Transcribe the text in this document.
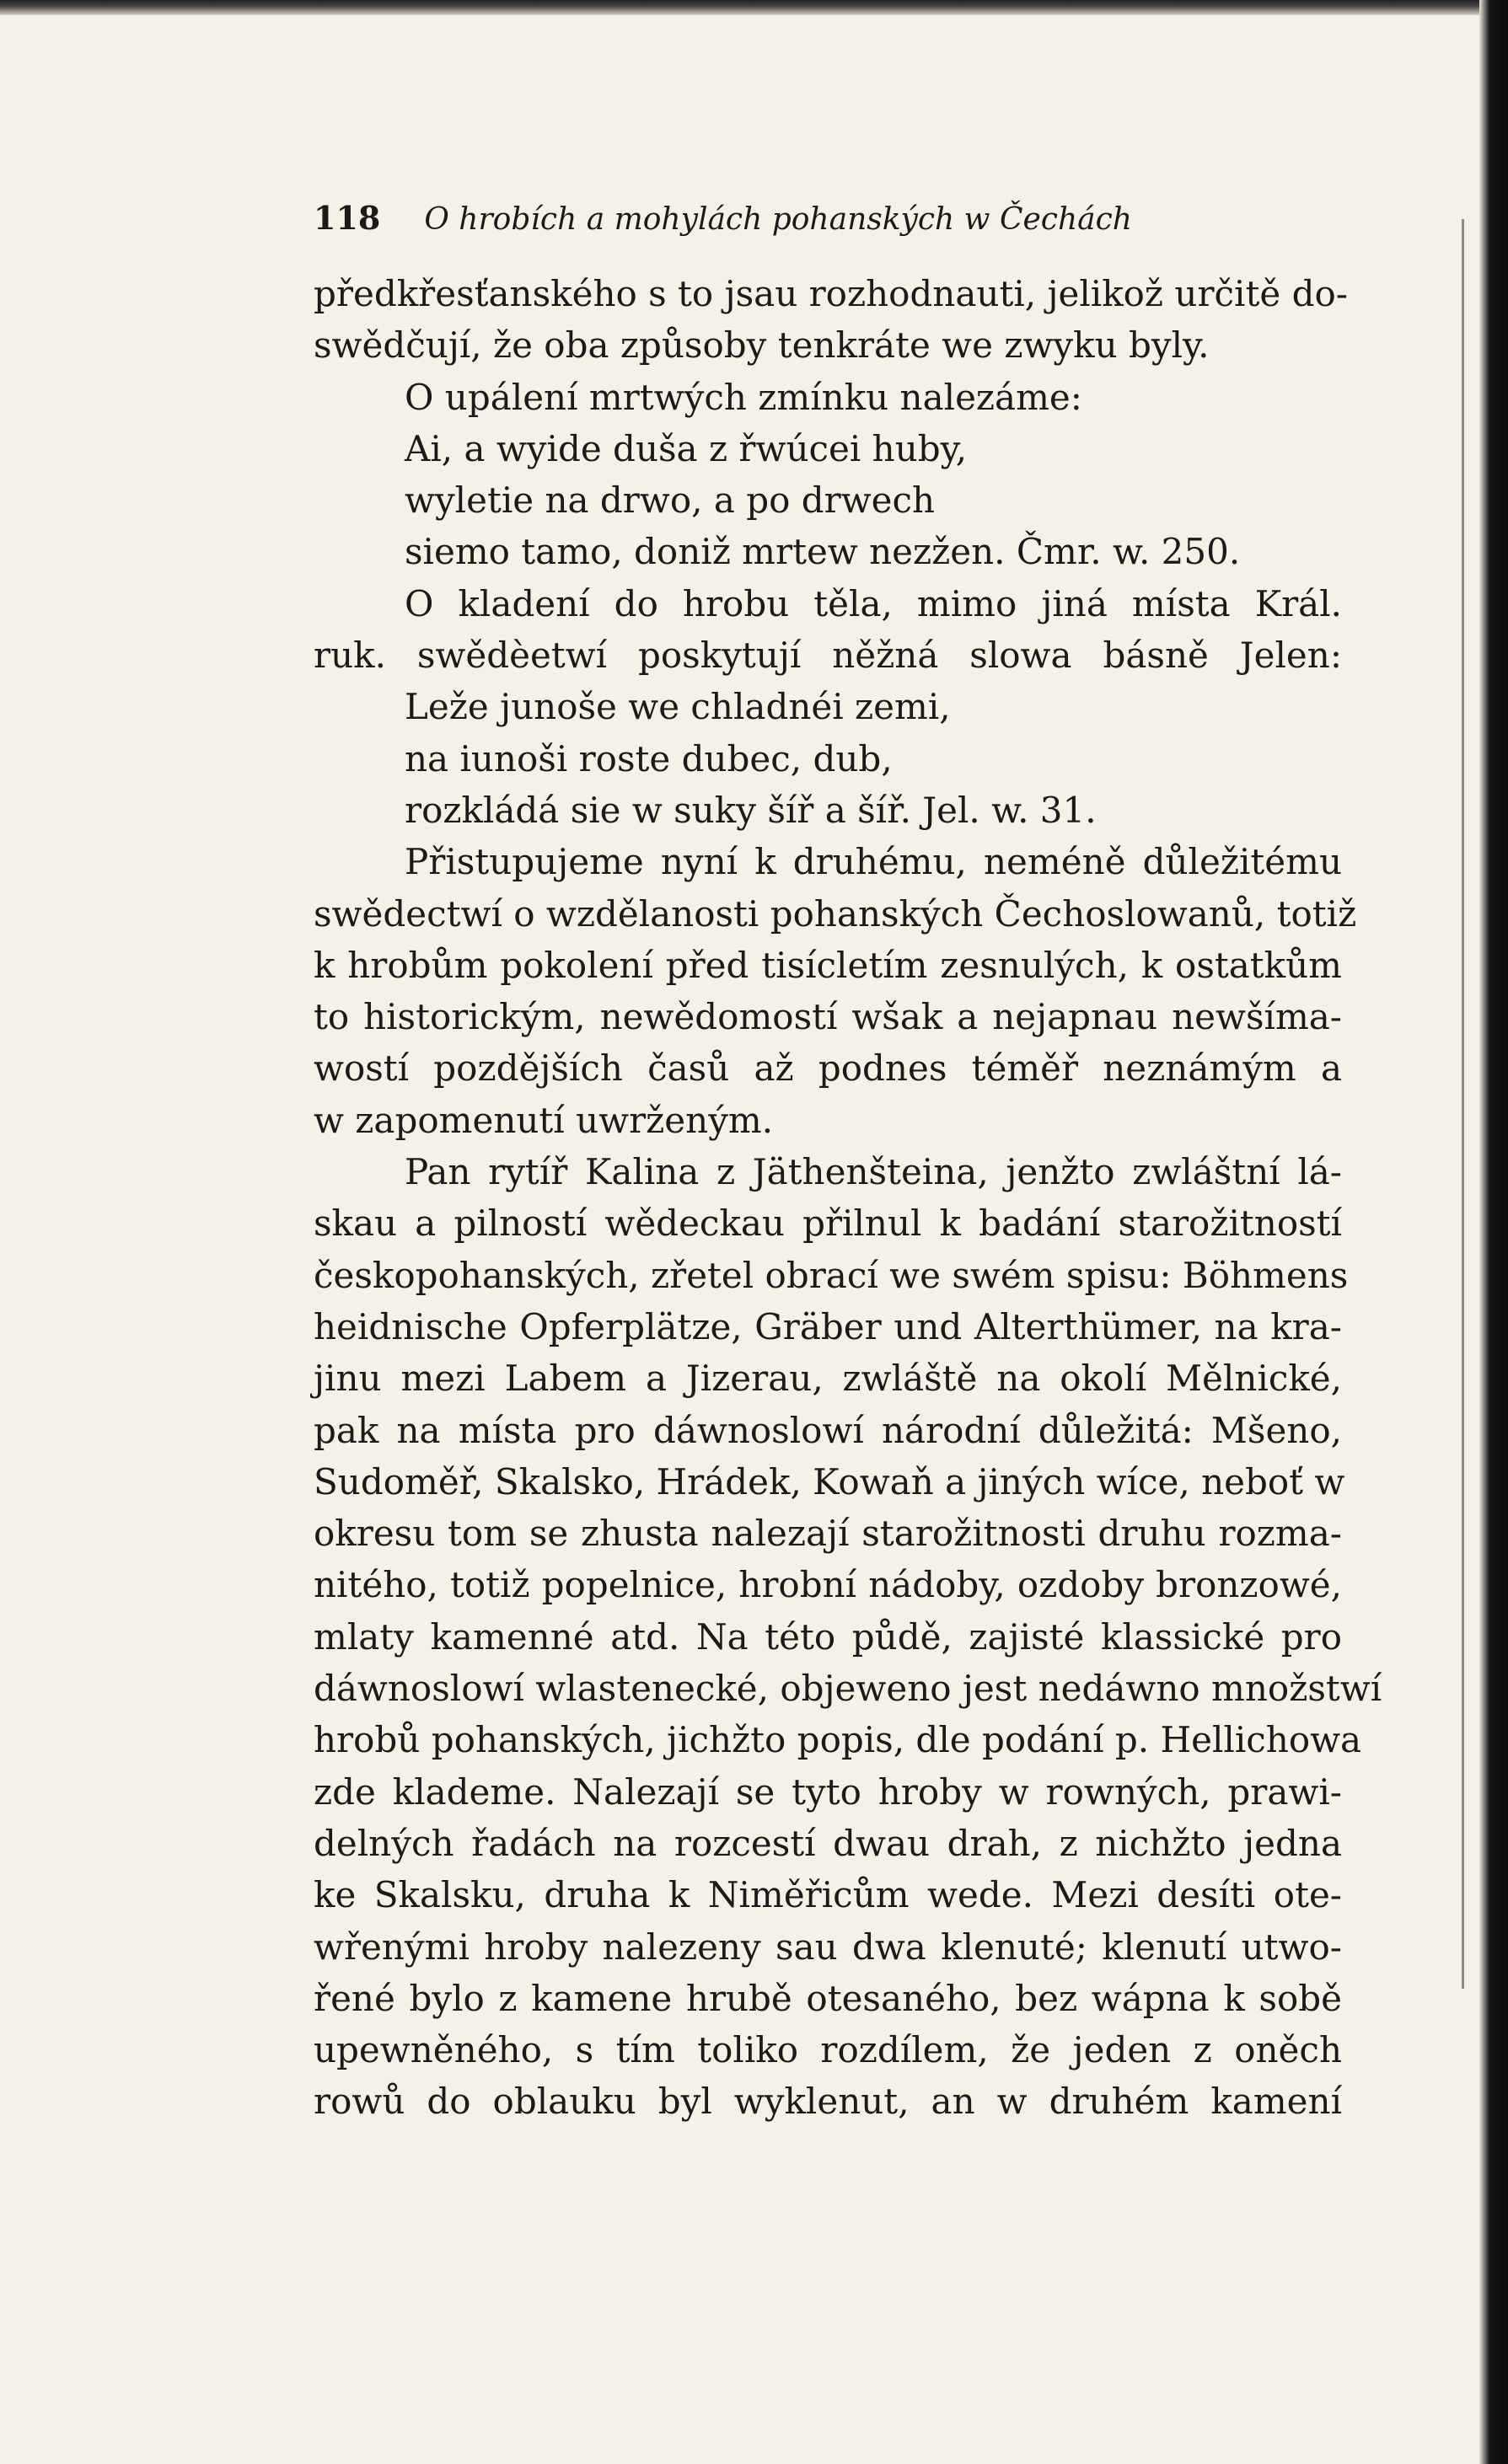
118 O hrobích a mohylách pohanských w Čechách
předkřesťanského s to jsau rozhodnauti, jelikož určitě do-
swědčují, že oba způsoby tenkráte we zwyku byly.
O upálení mrtwých zmínku nalezáme:
Ai, a wyide duša z řwúcei huby,
wyletie na drwo, a po drwech
siemo tamo, doniž mrtew nezžen. Čmr. w. 250.
O kladení do hrobu těla, mimo jiná místa Král.
ruk. swědèetwí poskytují něžná slowa básně Jelen:
Leže junoše we chladnéi zemi,
na iunoši roste dubec, dub,
rozkládá sie w suky šíř a šíř. Jel. w. 31.
Přistupujeme nyní k druhému, neméně důležitému
swědectwí o wzdělanosti pohanských Čechoslowanů, totiž
k hrobům pokolení před tisícletím zesnulých, k ostatkům
to historickým, newědomostí wšak a nejapnau newšíma-
wostí pozdějších časů až podnes téměř neznámým a
w zapomenutí uwrženým.
Pan rytíř Kalina z Jäthenšteina, jenžto zwláštní lá-
skau a pilností wědeckau přilnul k badání starožitností
českopohanských, zřetel obrací we swém spisu: Böhmens
heidnische Opferplätze, Gräber und Alterthümer, na kra-
jinu mezi Labem a Jizerau, zwláště na okolí Mělnické,
pak na místa pro dáwnoslowí národní důležitá: Mšeno,
Sudoměř, Skalsko, Hrádek, Kowaň a jiných wíce, neboť w
okresu tom se zhusta nalezají starožitnosti druhu rozma-
nitého, totiž popelnice, hrobní nádoby, ozdoby bronzowé,
mlaty kamenné atd. Na této půdě, zajisté klassické pro
dáwnoslowí wlastenecké, objeweno jest nedáwno množstwí
hrobů pohanských, jichžto popis, dle podání p. Hellichowa
zde klademe. Nalezají se tyto hroby w rowných, prawi-
delných řadách na rozcestí dwau drah, z nichžto jedna
ke Skalsku, druha k Niměřicům wede. Mezi desíti ote-
wřenými hroby nalezeny sau dwa klenuté; klenutí utwo-
řené bylo z kamene hrubě otesaného, bez wápna k sobě
upewněného, s tím toliko rozdílem, že jeden z oněch
rowů do oblauku byl wyklenut, an w druhém kamení
